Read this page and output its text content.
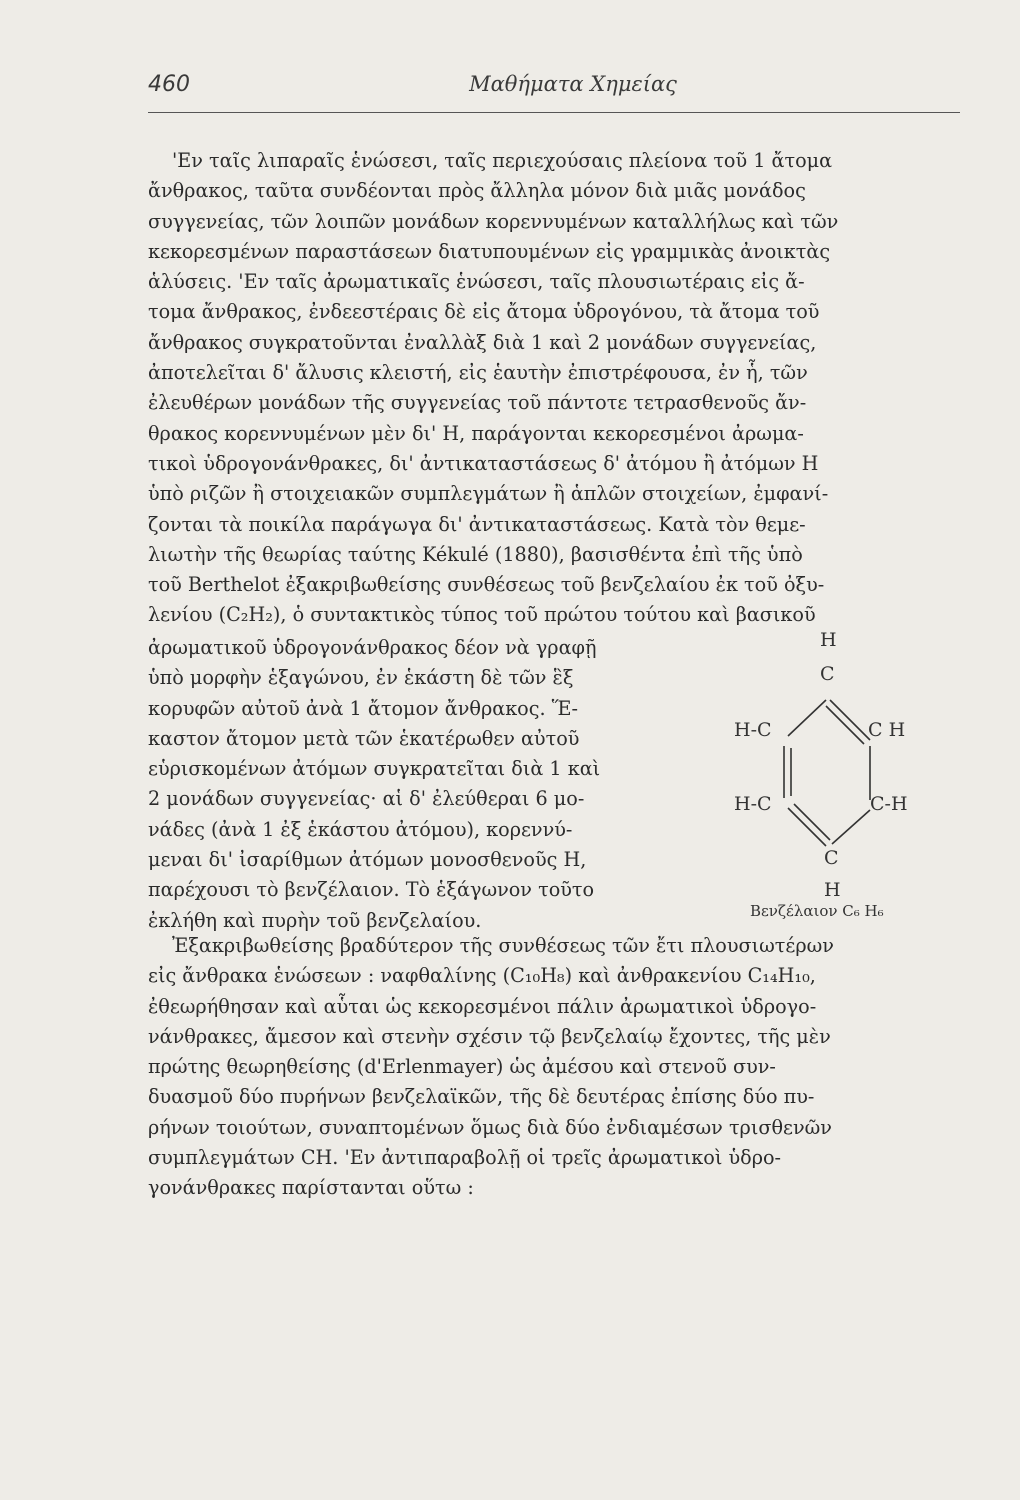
460	Μαθήματα Χημείας
'Εν ταῖς λιπαραῖς ἑνώσεσι, ταῖς περιεχούσαις πλείονα τοῦ 1 ἄτομα
ἄνθρακος, ταῦτα συνδέονται πρὸς ἄλληλα μόνον διὰ μιᾶς μονάδος
συγγενείας, τῶν λοιπῶν μονάδων κορεννυμένων καταλλήλως καὶ τῶν
κεκορεσμένων παραστάσεων διατυπουμένων εἰς γραμμικὰς ἀνοικτὰς
ἁλύσεις. 'Εν ταῖς ἀρωματικαῖς ἑνώσεσι, ταῖς πλουσιωτέραις εἰς ἄ-
τομα ἄνθρακος, ἐνδεεστέραις δὲ εἰς ἄτομα ὑδρογόνου, τὰ ἄτομα τοῦ
ἄνθρακος συγκρατοῦνται ἐναλλὰξ διὰ 1 καὶ 2 μονάδων συγγενείας,
ἀποτελεῖται δ' ἄλυσις κλειστή, εἰς ἑαυτὴν ἐπιστρέφουσα, ἐν ἧ, τῶν
ἐλευθέρων μονάδων τῆς συγγενείας τοῦ πάντοτε τετρασθενοῦς ἄν-
θρακος κορεννυμένων μὲν δι' Η, παράγονται κεκορεσμένοι ἀρωμα-
τικοὶ ὑδρογονάνθρακες, δι' ἀντικαταστάσεως δ' ἀτόμου ἢ ἀτόμων Η
ὑπὸ ριζῶν ἢ στοιχειακῶν συμπλεγμάτων ἢ ἁπλῶν στοιχείων, ἐμφανί-
ζονται τὰ ποικίλα παράγωγα δι' ἀντικαταστάσεως. Κατὰ τὸν θεμε-
λιωτὴν τῆς θεωρίας ταύτης Kékulé (1880), βασισθέντα ἐπὶ τῆς ὑπὸ
τοῦ Berthelot ἐξακριβωθείσης συνθέσεως τοῦ βενζελαίου ἐκ τοῦ ὀξυ-
λενίου (C₂H₂), ὁ συντακτικὸς τύπος τοῦ πρώτου τούτου καὶ βασικοῦ
ἀρωματικοῦ ὑδρογονάνθρακος δέον νὰ γραφῇ
ὑπὸ μορφὴν ἑξαγώνου, ἐν ἑκάστη δὲ τῶν ἓξ
κορυφῶν αὐτοῦ ἀνὰ 1 ἄτομον ἄνθρακος. Ἕ-
καστον ἄτομον μετὰ τῶν ἑκατέρωθεν αὐτοῦ
εὑρισκομένων ἀτόμων συγκρατεῖται διὰ 1 καὶ
2 μονάδων συγγενείας· αἱ δ' ἐλεύθεραι 6 μο-
νάδες (ἀνὰ 1 ἐξ ἑκάστου ἀτόμου), κορεννύ-
μεναι δι' ἰσαρίθμων ἀτόμων μονοσθενοῦς Η,
παρέχουσι τὸ βενζέλαιον. Τὸ ἑξάγωνον τοῦτο
ἐκλήθη καὶ πυρὴν τοῦ βενζελαίου.
H
C
H-C	C H
H-C	C-H
C
H
Βενζέλαιον C₆ H₆
Ἐξακριβωθείσης βραδύτερον τῆς συνθέσεως τῶν ἔτι πλουσιωτέρων
εἰς ἄνθρακα ἑνώσεων : ναφθαλίνης (C₁₀H₈) καὶ ἀνθρακενίου C₁₄H₁₀,
ἐθεωρήθησαν καὶ αὗται ὡς κεκορεσμένοι πάλιν ἀρωματικοὶ ὑδρογο-
νάνθρακες, ἄμεσον καὶ στενὴν σχέσιν τῷ βενζελαίῳ ἔχοντες, τῆς μὲν
πρώτης θεωρηθείσης (d'Erlenmayer) ὡς ἀμέσου καὶ στενοῦ συν-
δυασμοῦ δύο πυρήνων βενζελαϊκῶν, τῆς δὲ δευτέρας ἐπίσης δύο πυ-
ρήνων τοιούτων, συναπτομένων ὅμως διὰ δύο ἐνδιαμέσων τρισθενῶν
συμπλεγμάτων CH. 'Εν ἀντιπαραβολῇ οἱ τρεῖς ἀρωματικοὶ ὑδρο-
γονάνθρακες παρίστανται οὕτω :
